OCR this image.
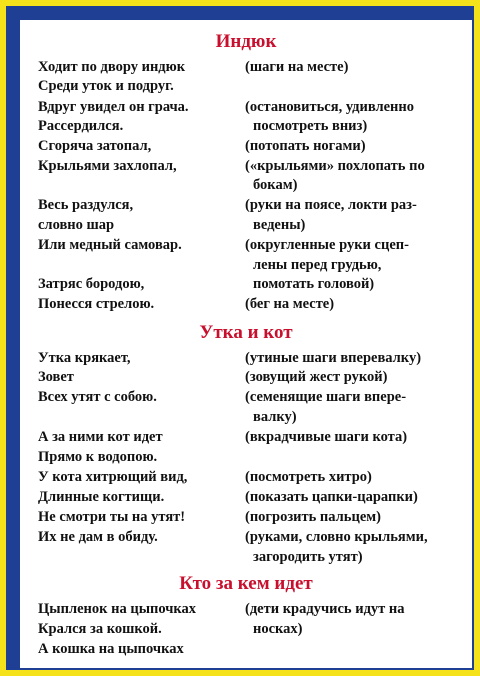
Индюк
Ходит по двору индюк
Среди уток и подруг.
Вдруг увидел он грача.
Рассердился.
Сгоряча затопал,
Крыльями захлопал,
Весь раздулся,
словно шар
Или медный самовар.
Затряс бородою,
Понесся стрелою.
(шаги на месте)
(остановиться, удивленно
посмотреть вниз)
(потопать ногами)
(«крыльями» похлопать по
бокам)
(руки на поясе, локти раз-
ведены)
(округленные руки сцеп-
лены перед грудью,
помотать головой)
(бег на месте)
Утка и кот
Утка крякает,
Зовет
Всех утят с собою.
А за ними кот идет
Прямо к водопою.
У кота хитрющий вид,
Длинные когтищи.
Не смотри ты на утят!
Их не дам в обиду.
(утиные шаги вперевалку)
(зовущий жест рукой)
(семенящие шаги впере-
валку)
(вкрадчивые шаги кота)
(посмотреть хитро)
(показать цапки-царапки)
(погрозить пальцем)
(руками, словно крыльями,
загородить утят)
Кто за кем идет
Цыпленок на цыпочках
Крался за кошкой.
А кошка на цыпочках
(дети крадучись идут на
носках)
